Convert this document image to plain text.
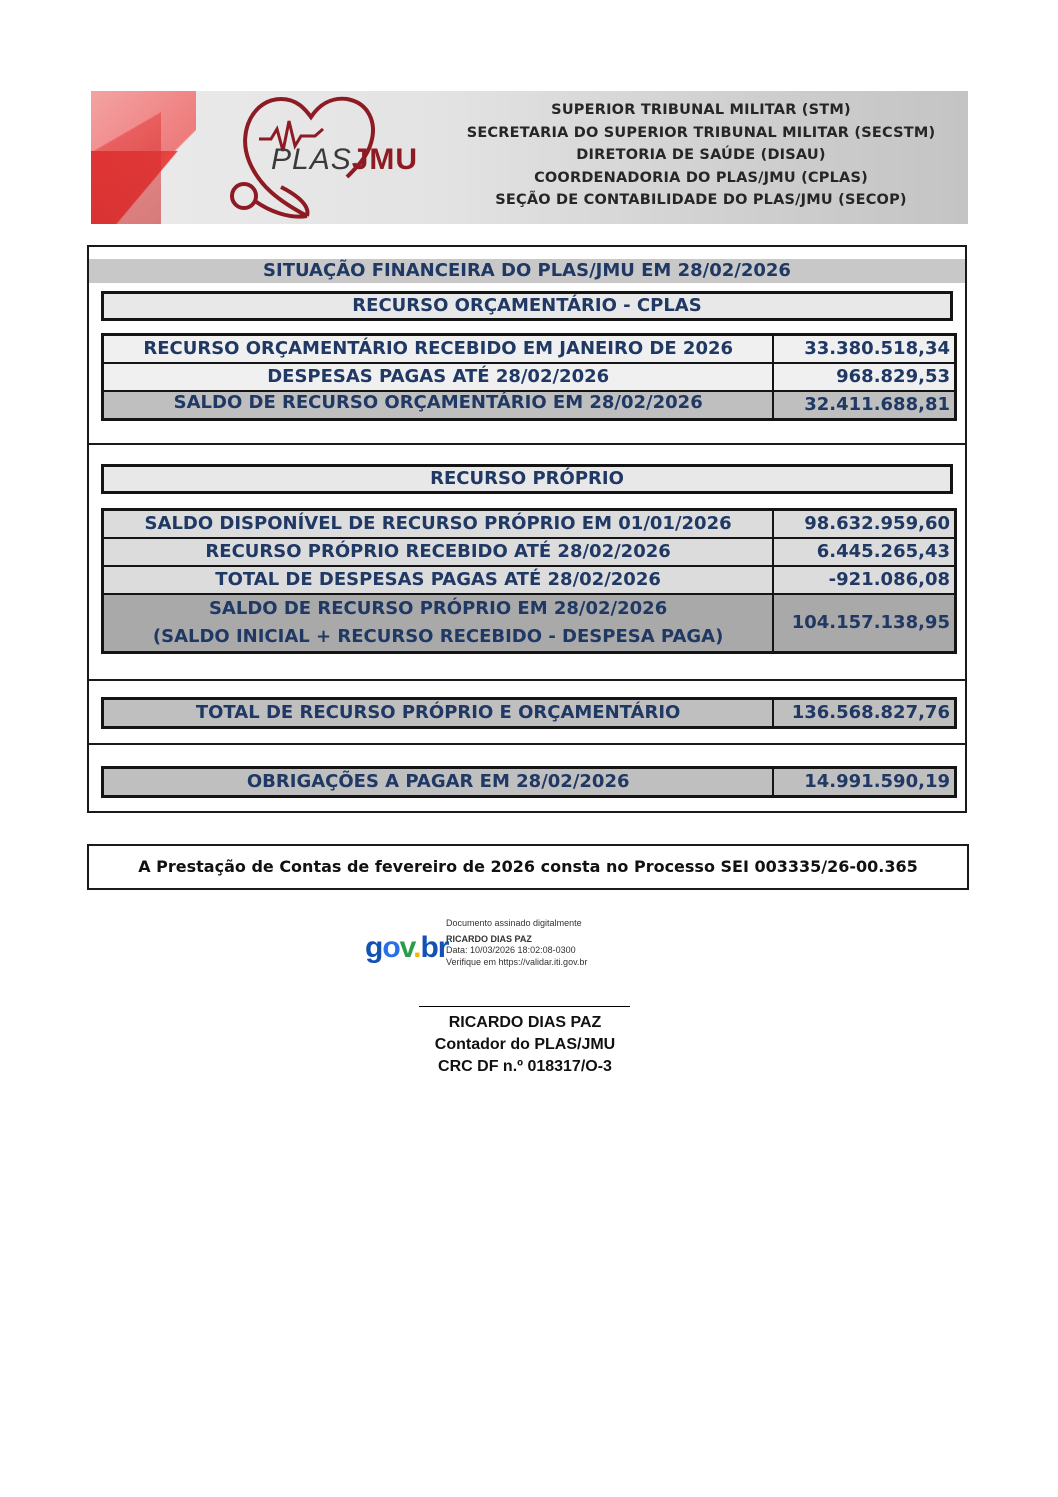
PLASJMU
SUPERIOR TRIBUNAL MILITAR (STM)
SECRETARIA DO SUPERIOR TRIBUNAL MILITAR (SECSTM)
DIRETORIA DE SAÚDE (DISAU)
COORDENADORIA DO PLAS/JMU (CPLAS)
SEÇÃO DE CONTABILIDADE DO PLAS/JMU (SECOP)
SITUAÇÃO FINANCEIRA DO PLAS/JMU EM 28/02/2026
RECURSO ORÇAMENTÁRIO - CPLAS
RECURSO ORÇAMENTÁRIO RECEBIDO EM JANEIRO DE 2026	33.380.518,34
DESPESAS PAGAS ATÉ 28/02/2026	968.829,53
SALDO DE RECURSO ORÇAMENTÁRIO EM 28/02/2026	32.411.688,81
RECURSO PRÓPRIO
SALDO DISPONÍVEL DE RECURSO PRÓPRIO EM 01/01/2026	98.632.959,60
RECURSO PRÓPRIO RECEBIDO ATÉ 28/02/2026	6.445.265,43
TOTAL DE DESPESAS PAGAS ATÉ 28/02/2026	-921.086,08

SALDO DE RECURSO PRÓPRIO EM 28/02/2026
(SALDO INICIAL + RECURSO RECEBIDO - DESPESA PAGA)	104.157.138,95
TOTAL DE RECURSO PRÓPRIO E ORÇAMENTÁRIO	136.568.827,76
OBRIGAÇÕES A PAGAR EM 28/02/2026	14.991.590,19
A Prestação de Contas de fevereiro de 2026 consta no Processo SEI 003335/26-00.365
gov.br
Documento assinado digitalmente
RICARDO DIAS PAZ
Data: 10/03/2026 18:02:08-0300
Verifique em https://validar.iti.gov.br
RICARDO DIAS PAZ
Contador do PLAS/JMU
CRC DF n.º 018317/O-3
